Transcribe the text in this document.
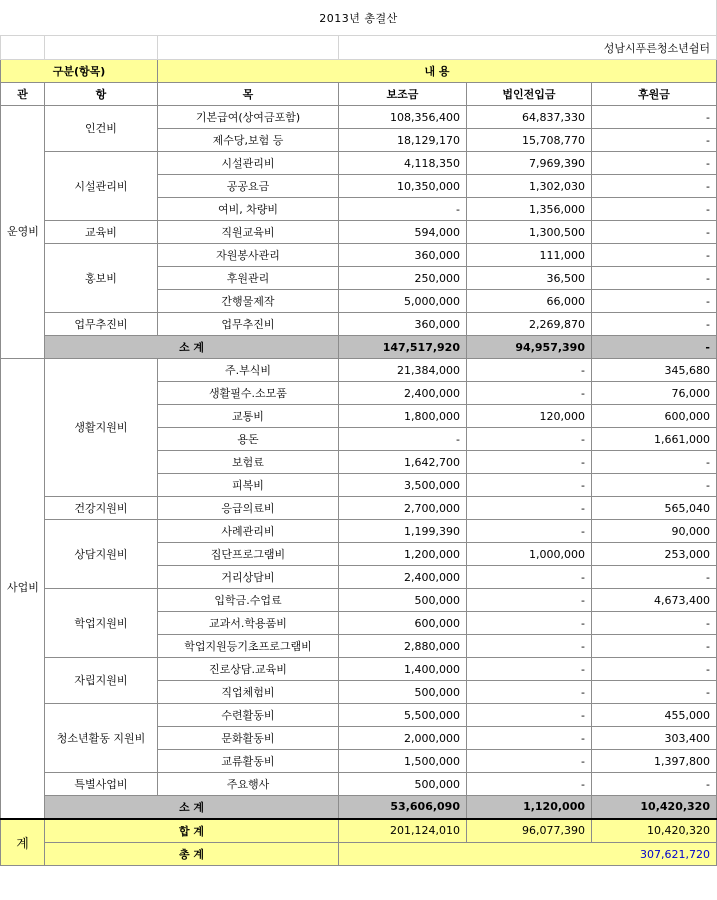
2013년 총결산					
			성남시푸른청소년쉼터		
구분(항목)		내 용			
관	항	목	보조금	법인전입금	후원금
운영비	인건비	기본급여(상여금포함)	108,356,400	64,837,330	-
		제수당,보험 등	18,129,170	15,708,770	-
	시설관리비	시설관리비	4,118,350	7,969,390	-
		공공요금	10,350,000	1,302,030	-
		여비, 차량비	-	1,356,000	-
	교육비	직원교육비	594,000	1,300,500	-
	홍보비	자원봉사관리	360,000	111,000	-
		후원관리	250,000	36,500	-
		간행물제작	5,000,000	66,000	-
	업무추진비	업무추진비	360,000	2,269,870	-
	소 계		147,517,920	94,957,390	-
사업비	생활지원비	주.부식비	21,384,000	-	345,680
		생활필수.소모품	2,400,000	-	76,000
		교통비	1,800,000	120,000	600,000
		용돈	-	-	1,661,000
		보험료	1,642,700	-	-
		피복비	3,500,000	-	-
	건강지원비	응급의료비	2,700,000	-	565,040
	상담지원비	사례관리비	1,199,390	-	90,000
		집단프로그램비	1,200,000	1,000,000	253,000
		거리상담비	2,400,000	-	-
	학업지원비	입학금.수업료	500,000	-	4,673,400
		교과서.학용품비	600,000	-	-
		학업지원등기초프로그램비	2,880,000	-	-
	자립지원비	진로상담.교육비	1,400,000	-	-
		직업체험비	500,000	-	-
	청소년활동 지원비	수련활동비	5,500,000	-	455,000
		문화활동비	2,000,000	-	303,400
		교류활동비	1,500,000	-	1,397,800
	특별사업비	주요행사	500,000	-	-
	소 계		53,606,090	1,120,000	10,420,320
계	합 계		201,124,010	96,077,390	10,420,320
	총 계		307,621,720		
